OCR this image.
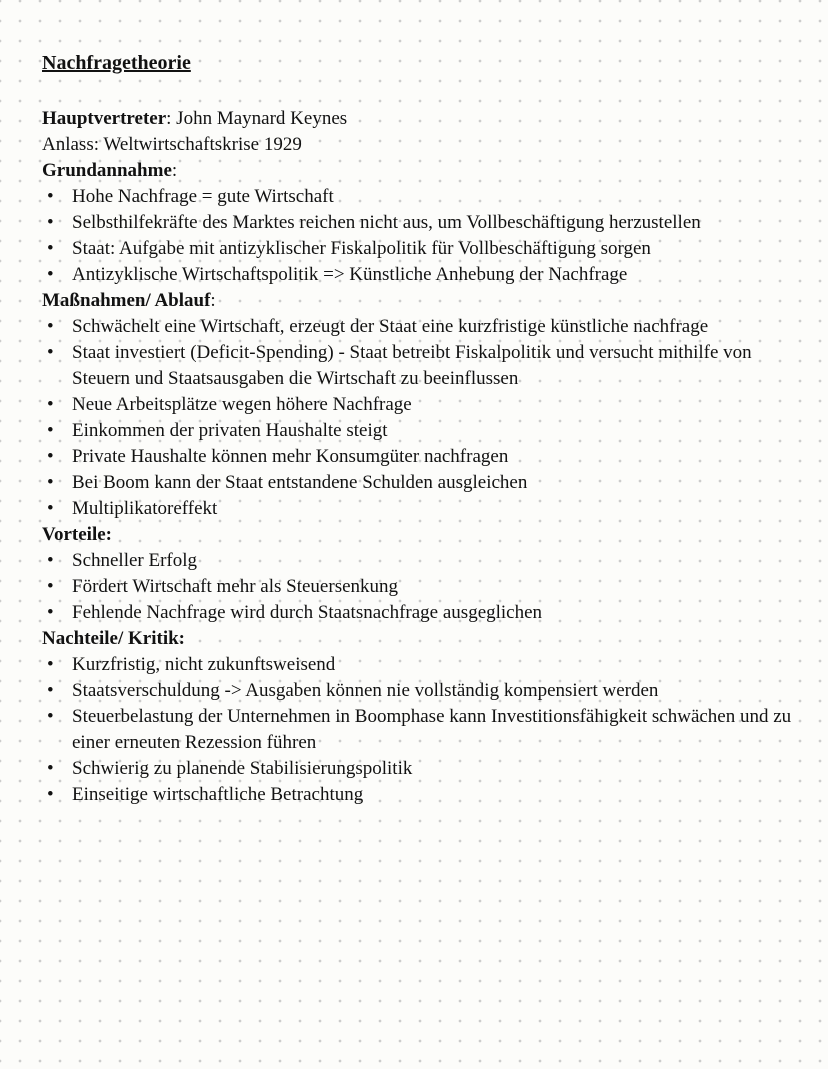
Nachfragetheorie
Hauptvertreter: John Maynard Keynes
Anlass: Weltwirtschaftskrise 1929
Grundannahme:
• Hohe Nachfrage = gute Wirtschaft
• Selbsthilfekräfte des Marktes reichen nicht aus, um Vollbeschäftigung herzustellen
• Staat: Aufgabe mit antizyklischer Fiskalpolitik für Vollbeschäftigung sorgen
• Antizyklische Wirtschaftspolitik => Künstliche Anhebung der Nachfrage
Maßnahmen/ Ablauf:
• Schwächelt eine Wirtschaft, erzeugt der Staat eine kurzfristige künstliche nachfrage
• Staat investiert (Deficit-Spending) - Staat betreibt Fiskalpolitik und versucht mithilfe von Steuern und Staatsausgaben die Wirtschaft zu beeinflussen
• Neue Arbeitsplätze wegen höhere Nachfrage
• Einkommen der privaten Haushalte steigt
• Private Haushalte können mehr Konsumgüter nachfragen
• Bei Boom kann der Staat entstandene Schulden ausgleichen
• Multiplikatoreffekt
Vorteile:
• Schneller Erfolg
• Fördert Wirtschaft mehr als Steuersenkung
• Fehlende Nachfrage wird durch Staatsnachfrage ausgeglichen
Nachteile/ Kritik:
• Kurzfristig, nicht zukunftsweisend
• Staatsverschuldung -> Ausgaben können nie vollständig kompensiert werden
• Steuerbelastung der Unternehmen in Boomphase kann Investitionsfähigkeit schwächen und zu einer erneuten Rezession führen
• Schwierig zu planende Stabilisierungspolitik
• Einseitige wirtschaftliche Betrachtung
